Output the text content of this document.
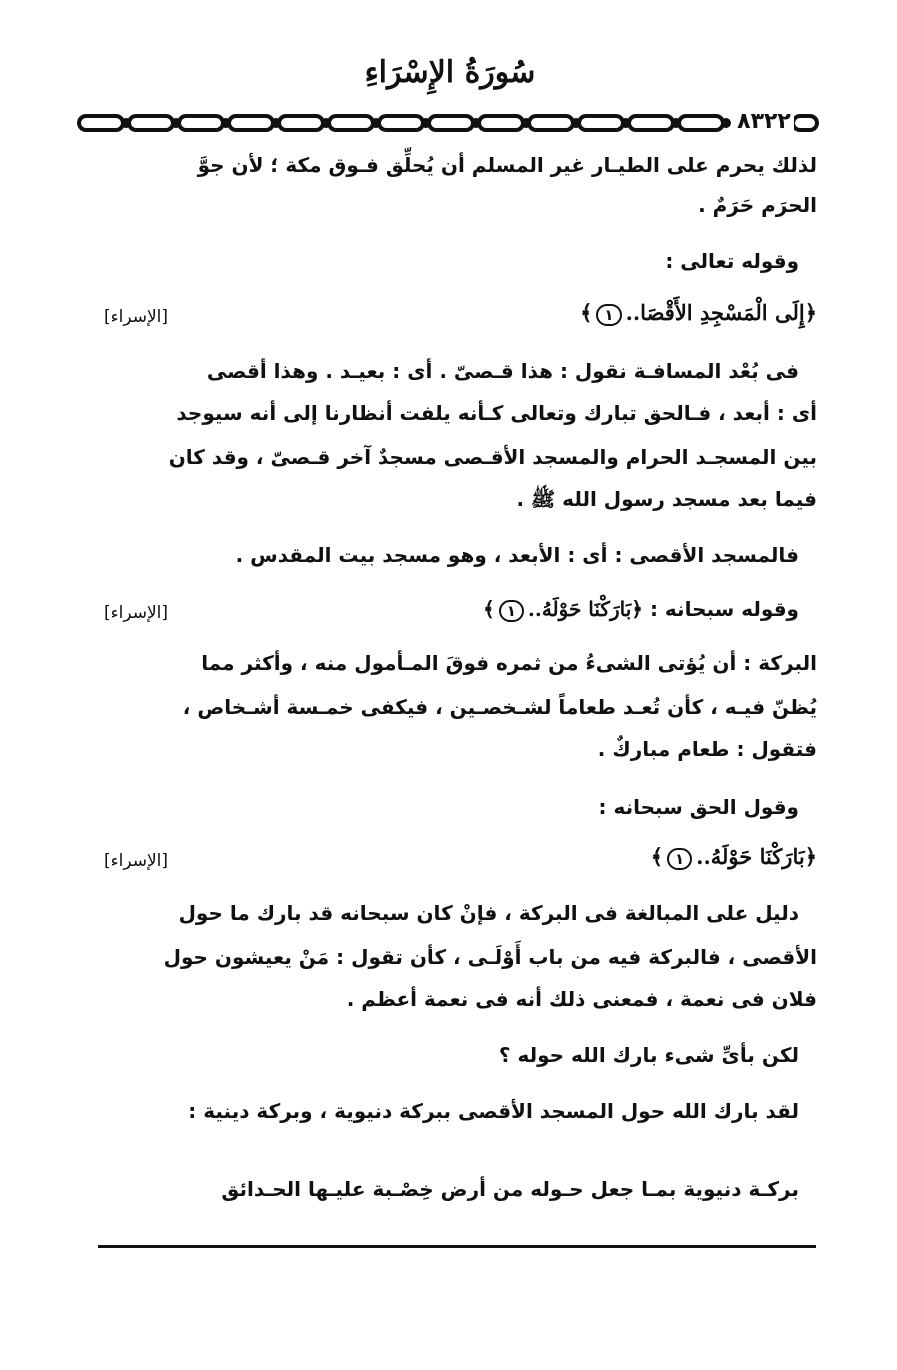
سُورَةُ الإِسْرَاءِ
٨٣٢٢
لذلك يحرم على الطيـار غير المسلم أن يُحلِّق فـوق مكة ؛ لأن جوَّ
الحرَم حَرَمٌ .
وقوله تعالى :
﴿إِلَى الْمَسْجِدِ الأَقْصَا..١﴾
[الإسراء]
فى بُعْد المسافـة نقول : هذا قـصىّ . أى : بعيـد . وهذا أقصى
أى : أبعد ، فـالحق تبارك وتعالى كـأنه يلفت أنظارنا إلى أنه سيوجد
بين المسجـد الحرام والمسجد الأقـصى مسجدٌ آخر قـصىّ ، وقد كان
فيما بعد مسجد رسول الله ﷺ .
فالمسجد الأقصى : أى : الأبعد ، وهو مسجد بيت المقدس .
وقوله سبحانه : ﴿بَارَكْنَا حَوْلَهُ..١﴾
[الإسراء]
البركة : أن يُؤتى الشىءُ من ثمره فوقَ المـأمول منه ، وأكثر مما
يُظنّ فيـه ، كأن تُعـد طعاماً لشـخصـين ، فيكفى خمـسة أشـخاص ،
فتقول : طعام مباركٌ .
وقول الحق سبحانه :
﴿بَارَكْنَا حَوْلَهُ..١﴾
[الإسراء]
دليل على المبالغة فى البركة ، فإنْ كان سبحانه قد بارك ما حول
الأقصى ، فالبركة فيه من باب أَوْلَـى ، كأن تقول : مَنْ يعيشون حول
فلان فى نعمة ، فمعنى ذلك أنه فى نعمة أعظم .
لكن بأىِّ شىء بارك الله حوله ؟
لقد بارك الله حول المسجد الأقصى ببركة دنيوية ، وبركة دينية :
بركـة دنيوية بمـا جعل حـوله من أرض خِصْـبة عليـها الحـدائق
